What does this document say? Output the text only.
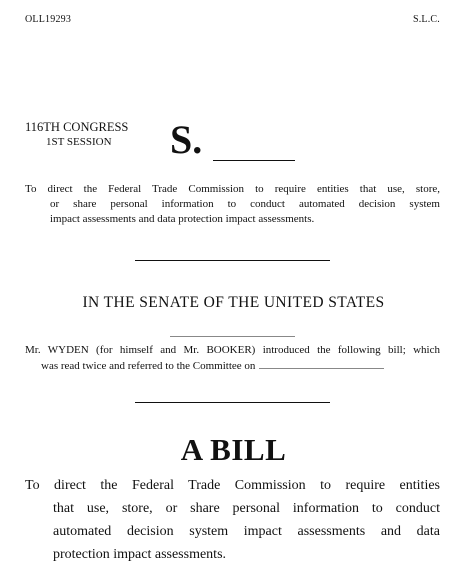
OLL19293	S.L.C.
116TH CONGRESS
1ST SESSION S.
To direct the Federal Trade Commission to require entities that use, store,
or share personal information to conduct automated decision system
impact assessments and data protection impact assessments.
IN THE SENATE OF THE UNITED STATES
Mr. WYDEN (for himself and Mr. BOOKER) introduced the following bill; which
was read twice and referred to the Committee on
A BILL
To direct the Federal Trade Commission to require entities
that use, store, or share personal information to conduct
automated decision system impact assessments and data
protection impact assessments.
